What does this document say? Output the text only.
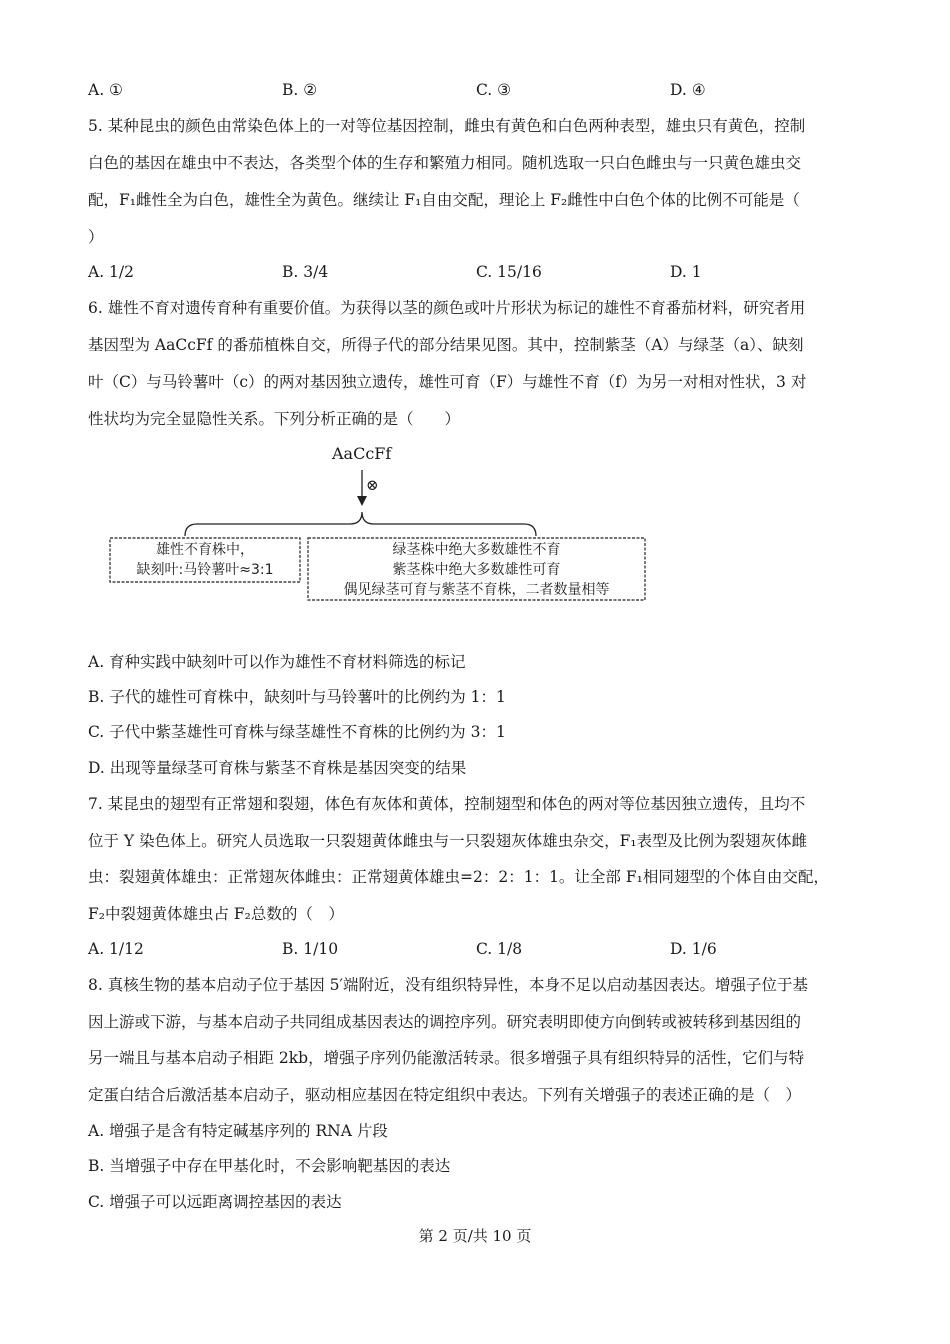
A. ①	B. ②	C. ③	D. ④
5. 某种昆虫的颜色由常染色体上的一对等位基因控制，雌虫有黄色和白色两种表型，雄虫只有黄色，控制
白色的基因在雄虫中不表达，各类型个体的生存和繁殖力相同。随机选取一只白色雌虫与一只黄色雄虫交
配，F₁雌性全为白色，雄性全为黄色。继续让 F₁自由交配，理论上 F₂雌性中白色个体的比例不可能是（
）
A. 1/2	B. 3/4	C. 15/16	D. 1
6. 雄性不育对遗传育种有重要价值。为获得以茎的颜色或叶片形状为标记的雄性不育番茄材料，研究者用
基因型为 AaCcFf 的番茄植株自交，所得子代的部分结果见图。其中，控制紫茎（A）与绿茎（a）、缺刻
叶（C）与马铃薯叶（c）的两对基因独立遗传，雄性可育（F）与雄性不育（f）为另一对相对性状，3 对
性状均为完全显隐性关系。下列分析正确的是（　　）
AaCcFf
⊗
雄性不育株中，
缺刻叶:马铃薯叶≈3:1
绿茎株中绝大多数雄性不育
紫茎株中绝大多数雄性可育
偶见绿茎可育与紫茎不育株，二者数量相等
A. 育种实践中缺刻叶可以作为雄性不育材料筛选的标记
B. 子代的雄性可育株中，缺刻叶与马铃薯叶的比例约为 1：1
C. 子代中紫茎雄性可育株与绿茎雄性不育株的比例约为 3：1
D. 出现等量绿茎可育株与紫茎不育株是基因突变的结果
7. 某昆虫的翅型有正常翅和裂翅，体色有灰体和黄体，控制翅型和体色的两对等位基因独立遗传，且均不
位于 Y 染色体上。研究人员选取一只裂翅黄体雌虫与一只裂翅灰体雄虫杂交，F₁表型及比例为裂翅灰体雌
虫：裂翅黄体雄虫：正常翅灰体雌虫：正常翅黄体雄虫=2：2：1：1。让全部 F₁相同翅型的个体自由交配，
F₂中裂翅黄体雄虫占 F₂总数的（　）
A. 1/12	B. 1/10	C. 1/8	D. 1/6
8. 真核生物的基本启动子位于基因 5′端附近，没有组织特异性，本身不足以启动基因表达。增强子位于基
因上游或下游，与基本启动子共同组成基因表达的调控序列。研究表明即使方向倒转或被转移到基因组的
另一端且与基本启动子相距 2kb，增强子序列仍能激活转录。很多增强子具有组织特异的活性，它们与特
定蛋白结合后激活基本启动子，驱动相应基因在特定组织中表达。下列有关增强子的表述正确的是（　）
A. 增强子是含有特定碱基序列的 RNA 片段
B. 当增强子中存在甲基化时，不会影响靶基因的表达
C. 增强子可以远距离调控基因的表达
第 2 页/共 10 页
